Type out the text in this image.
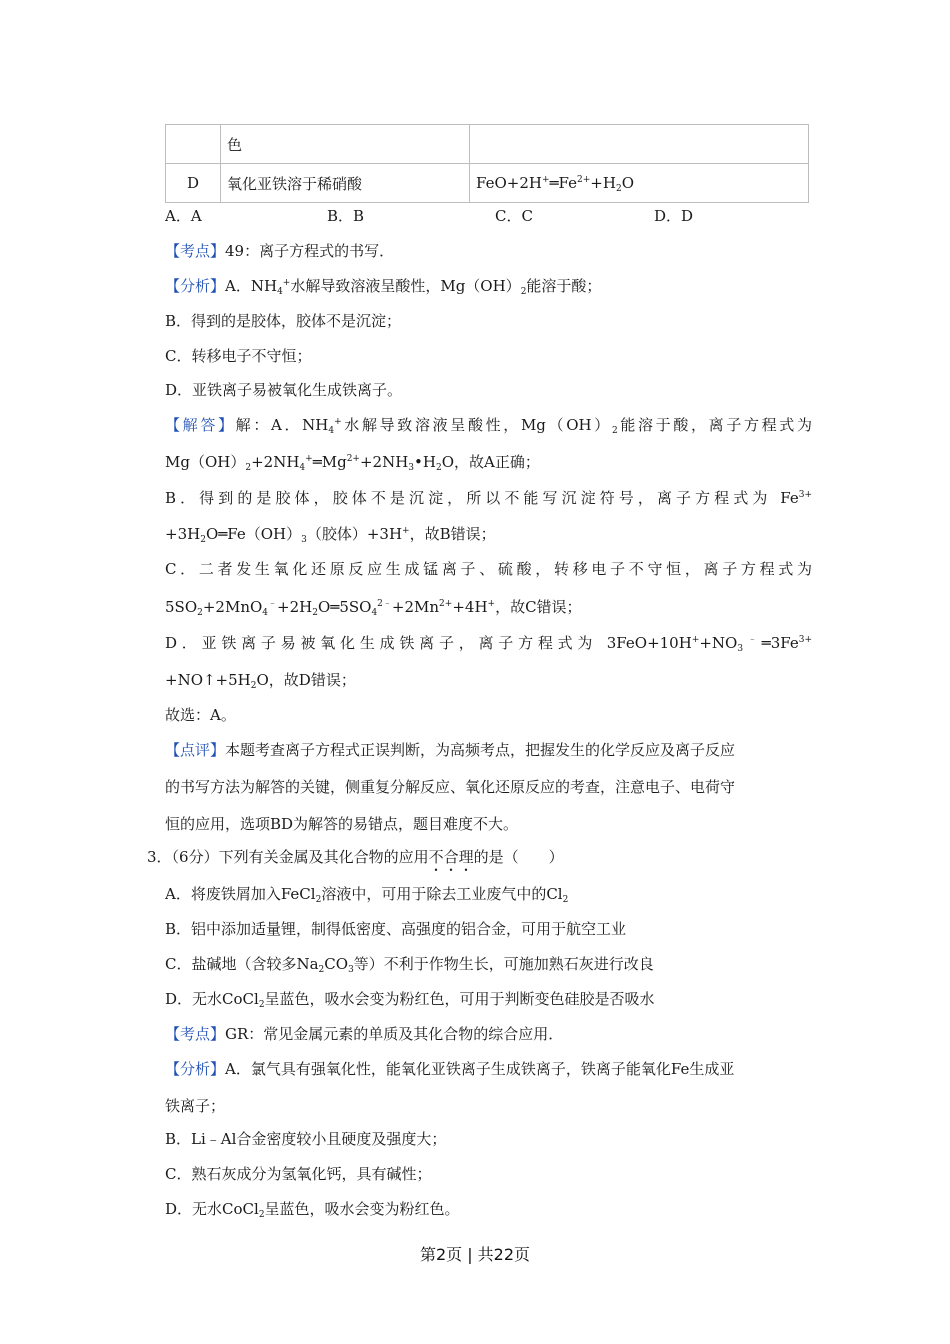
	色	
D	氧化亚铁溶于稀硝酸	$FeO+2H^+═Fe^{2+}+H_2O$
A．A	B．B	C．C	D．D
【考点】49：离子方程式的书写．
【分析】A．$NH_4^+$水解导致溶液呈酸性，$Mg(OH)_2$能溶于酸；
B．得到的是胶体，胶体不是沉淀；
C．转移电子不守恒；
D．亚铁离子易被氧化生成铁离子。
【解答】解：A．$NH_4^+$水解导致溶液呈酸性，$Mg(OH)_2$能溶于酸，离子方程式为
$Mg(OH)_2+2NH_4^+═Mg^{2+}+2NH_3•H_2O$，故A正确；
B．得到的是胶体，胶体不是沉淀，所以不能写沉淀符号，离子方程式为 $Fe^{3+}$
$+3H_2O═Fe(OH)_3$（胶体）+3H+，故B错误；
C．二者发生氧化还原反应生成锰离子、硫酸，转移电子不守恒，离子方程式为
$5SO_2+2MnO_4^﹣+2H_2O═5SO_4^{2﹣}+2Mn^{2+}+4H^+$，故C错误；
D．亚铁离子易被氧化生成铁离子，离子方程式为 $3FeO+10H^++NO_3^﹣═3Fe^{3+}$
$+NO↑+5H_2O$，故D错误；
故选：A。
【点评】本题考查离子方程式正误判断，为高频考点，把握发生的化学反应及离子反应
的书写方法为解答的关键，侧重复分解反应、氧化还原反应的考查，注意电子、电荷守
恒的应用，选项BD为解答的易错点，题目难度不大。
3．（6分）下列有关金属及其化合物的应用不合理的是（　　）
A．将废铁屑加入FeCl$_2$溶液中，可用于除去工业废气中的$Cl_2$
B．铝中添加适量锂，制得低密度、高强度的铝合金，可用于航空工业
C．盐碱地（含较多$Na_2CO_3$等）不利于作物生长，可施加熟石灰进行改良
D．无水CoCl$_2$呈蓝色，吸水会变为粉红色，可用于判断变色硅胶是否吸水
【考点】GR：常见金属元素的单质及其化合物的综合应用．
【分析】A．氯气具有强氧化性，能氧化亚铁离子生成铁离子，铁离子能氧化Fe生成亚
铁离子；
B．Li﹣Al合金密度较小且硬度及强度大；
C．熟石灰成分为氢氧化钙，具有碱性；
D．无水CoCl$_2$呈蓝色，吸水会变为粉红色。
第2页 | 共22页
